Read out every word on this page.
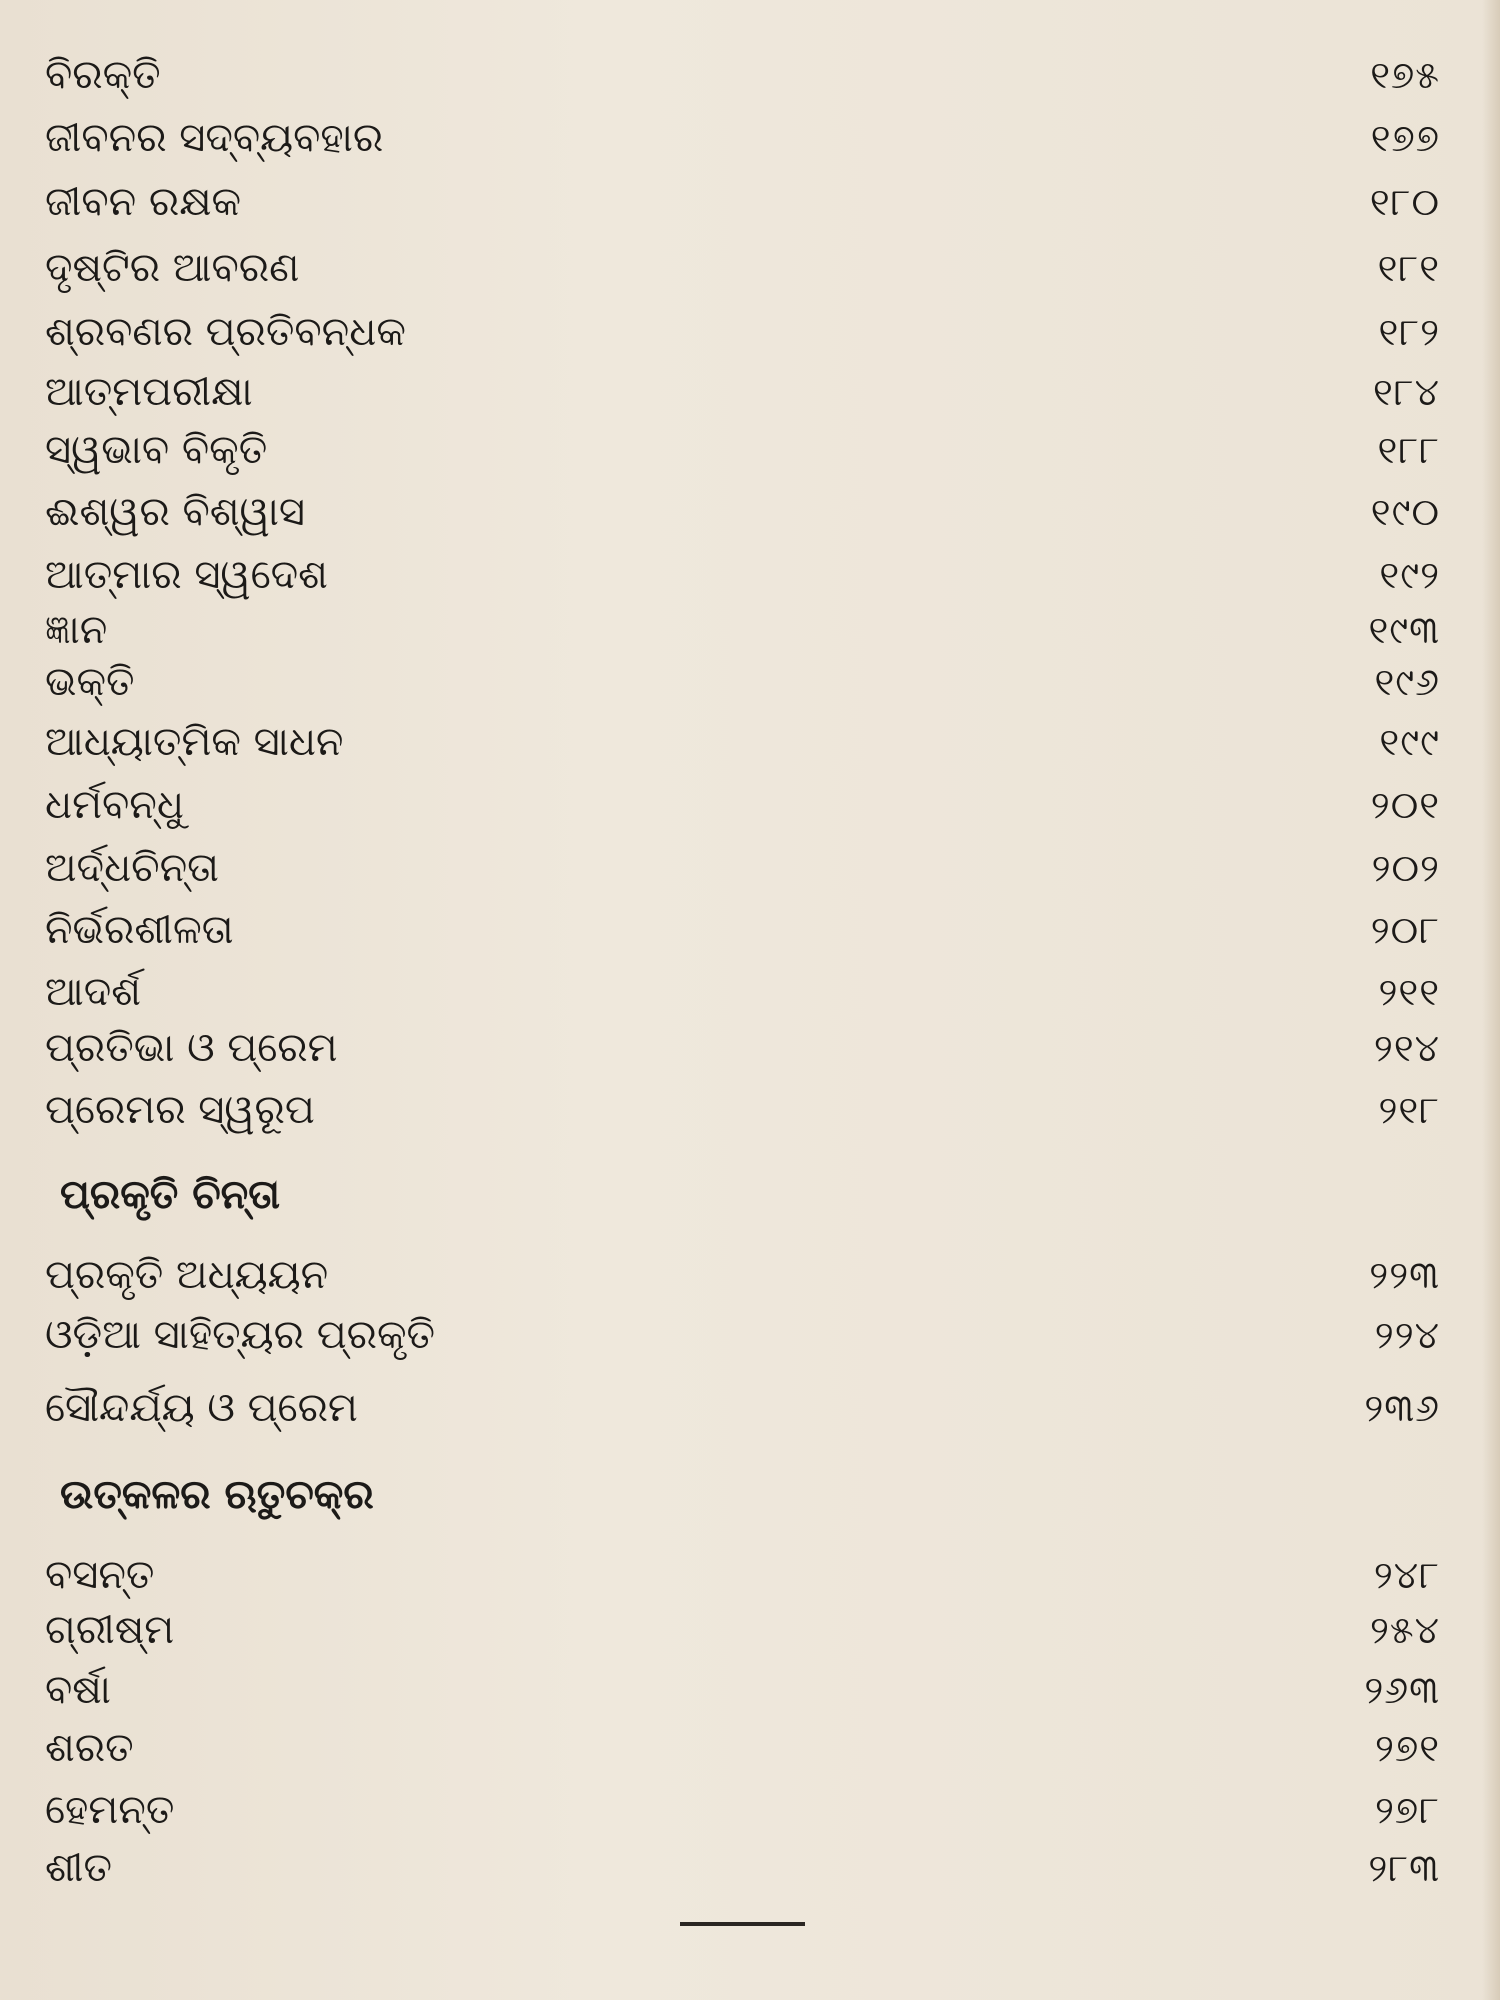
ବିରକ୍ତି	୧୭୫
ଜୀବନର ସଦ୍‌ବ୍ୟବହାର	୧୭୭
ଜୀବନ ରକ୍ଷକ	୧୮୦
ଦୃଷ୍ଟିର ଆବରଣ	୧୮୧
ଶ୍ରବଣର ପ୍ରତିବନ୍ଧକ	୧୮୨
ଆତ୍ମପରୀକ୍ଷା	୧୮୪
ସ୍ୱଭାବ ବିକୃତି	୧୮୮
ଈଶ୍ୱର ବିଶ୍ୱାସ	୧୯୦
ଆତ୍ମାର ସ୍ୱଦେଶ	୧୯୨
ଜ୍ଞାନ	୧୯୩
ଭକ୍ତି	୧୯୬
ଆଧ୍ୟାତ୍ମିକ ସାଧନ	୧୯୯
ଧର୍ମବନ୍ଧୁ	୨୦୧
ଅର୍ଦ୍ଧଚିନ୍ତା	୨୦୨
ନିର୍ଭରଶୀଳତା	୨୦୮
ଆଦର୍ଶ	୨୧୧
ପ୍ରତିଭା ଓ ପ୍ରେମ	୨୧୪
ପ୍ରେମର ସ୍ୱରୂପ	୨୧୮
ପ୍ରକୃତି ଚିନ୍ତା
ପ୍ରକୃତି ଅଧ୍ୟୟନ	୨୨୩
ଓଡ଼ିଆ ସାହିତ୍ୟର ପ୍ରକୃତି	୨୨୪
ସୌନ୍ଦର୍ଯ୍ୟ ଓ ପ୍ରେମ	୨୩୬
ଉତ୍କଳର ଋତୁଚକ୍ର
ବସନ୍ତ	୨୪୮
ଗ୍ରୀଷ୍ମ	୨୫୪
ବର୍ଷା	୨୬୩
ଶରତ	୨୭୧
ହେମନ୍ତ	୨୭୮
ଶୀତ	୨୮୩
